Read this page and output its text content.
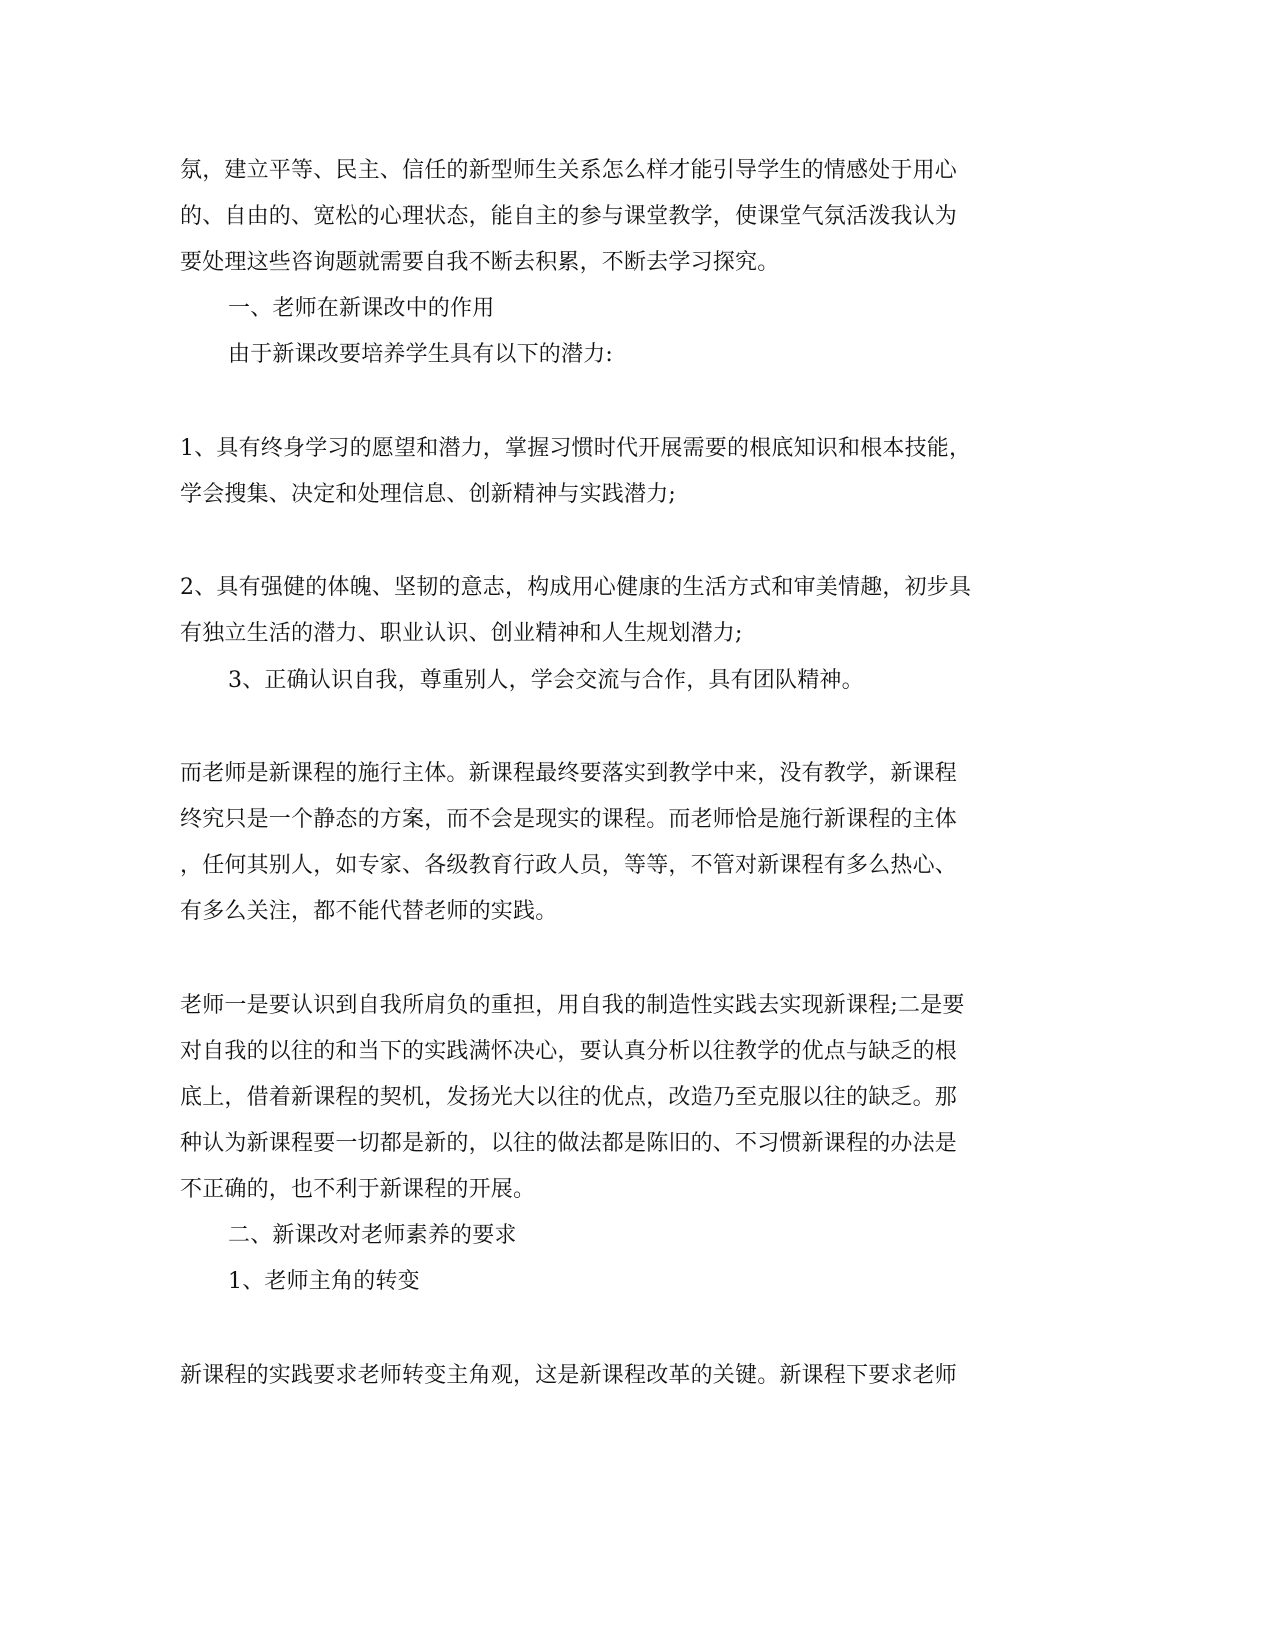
氛，建立平等、民主、信任的新型师生关系怎么样才能引导学生的情感处于用心
的、自由的、宽松的心理状态，能自主的参与课堂教学，使课堂气氛活泼我认为
要处理这些咨询题就需要自我不断去积累，不断去学习探究。
一、老师在新课改中的作用
由于新课改要培养学生具有以下的潜力:
1、具有终身学习的愿望和潜力，掌握习惯时代开展需要的根底知识和根本技能，
学会搜集、决定和处理信息、创新精神与实践潜力;
2、具有强健的体魄、坚韧的意志，构成用心健康的生活方式和审美情趣，初步具
有独立生活的潜力、职业认识、创业精神和人生规划潜力;
3、正确认识自我，尊重别人，学会交流与合作，具有团队精神。
而老师是新课程的施行主体。新课程最终要落实到教学中来，没有教学，新课程
终究只是一个静态的方案，而不会是现实的课程。而老师恰是施行新课程的主体
，任何其别人，如专家、各级教育行政人员，等等，不管对新课程有多么热心、
有多么关注，都不能代替老师的实践。
老师一是要认识到自我所肩负的重担，用自我的制造性实践去实现新课程;二是要
对自我的以往的和当下的实践满怀决心，要认真分析以往教学的优点与缺乏的根
底上，借着新课程的契机，发扬光大以往的优点，改造乃至克服以往的缺乏。那
种认为新课程要一切都是新的，以往的做法都是陈旧的、不习惯新课程的办法是
不正确的，也不利于新课程的开展。
二、新课改对老师素养的要求
1、老师主角的转变
新课程的实践要求老师转变主角观，这是新课程改革的关键。新课程下要求老师
